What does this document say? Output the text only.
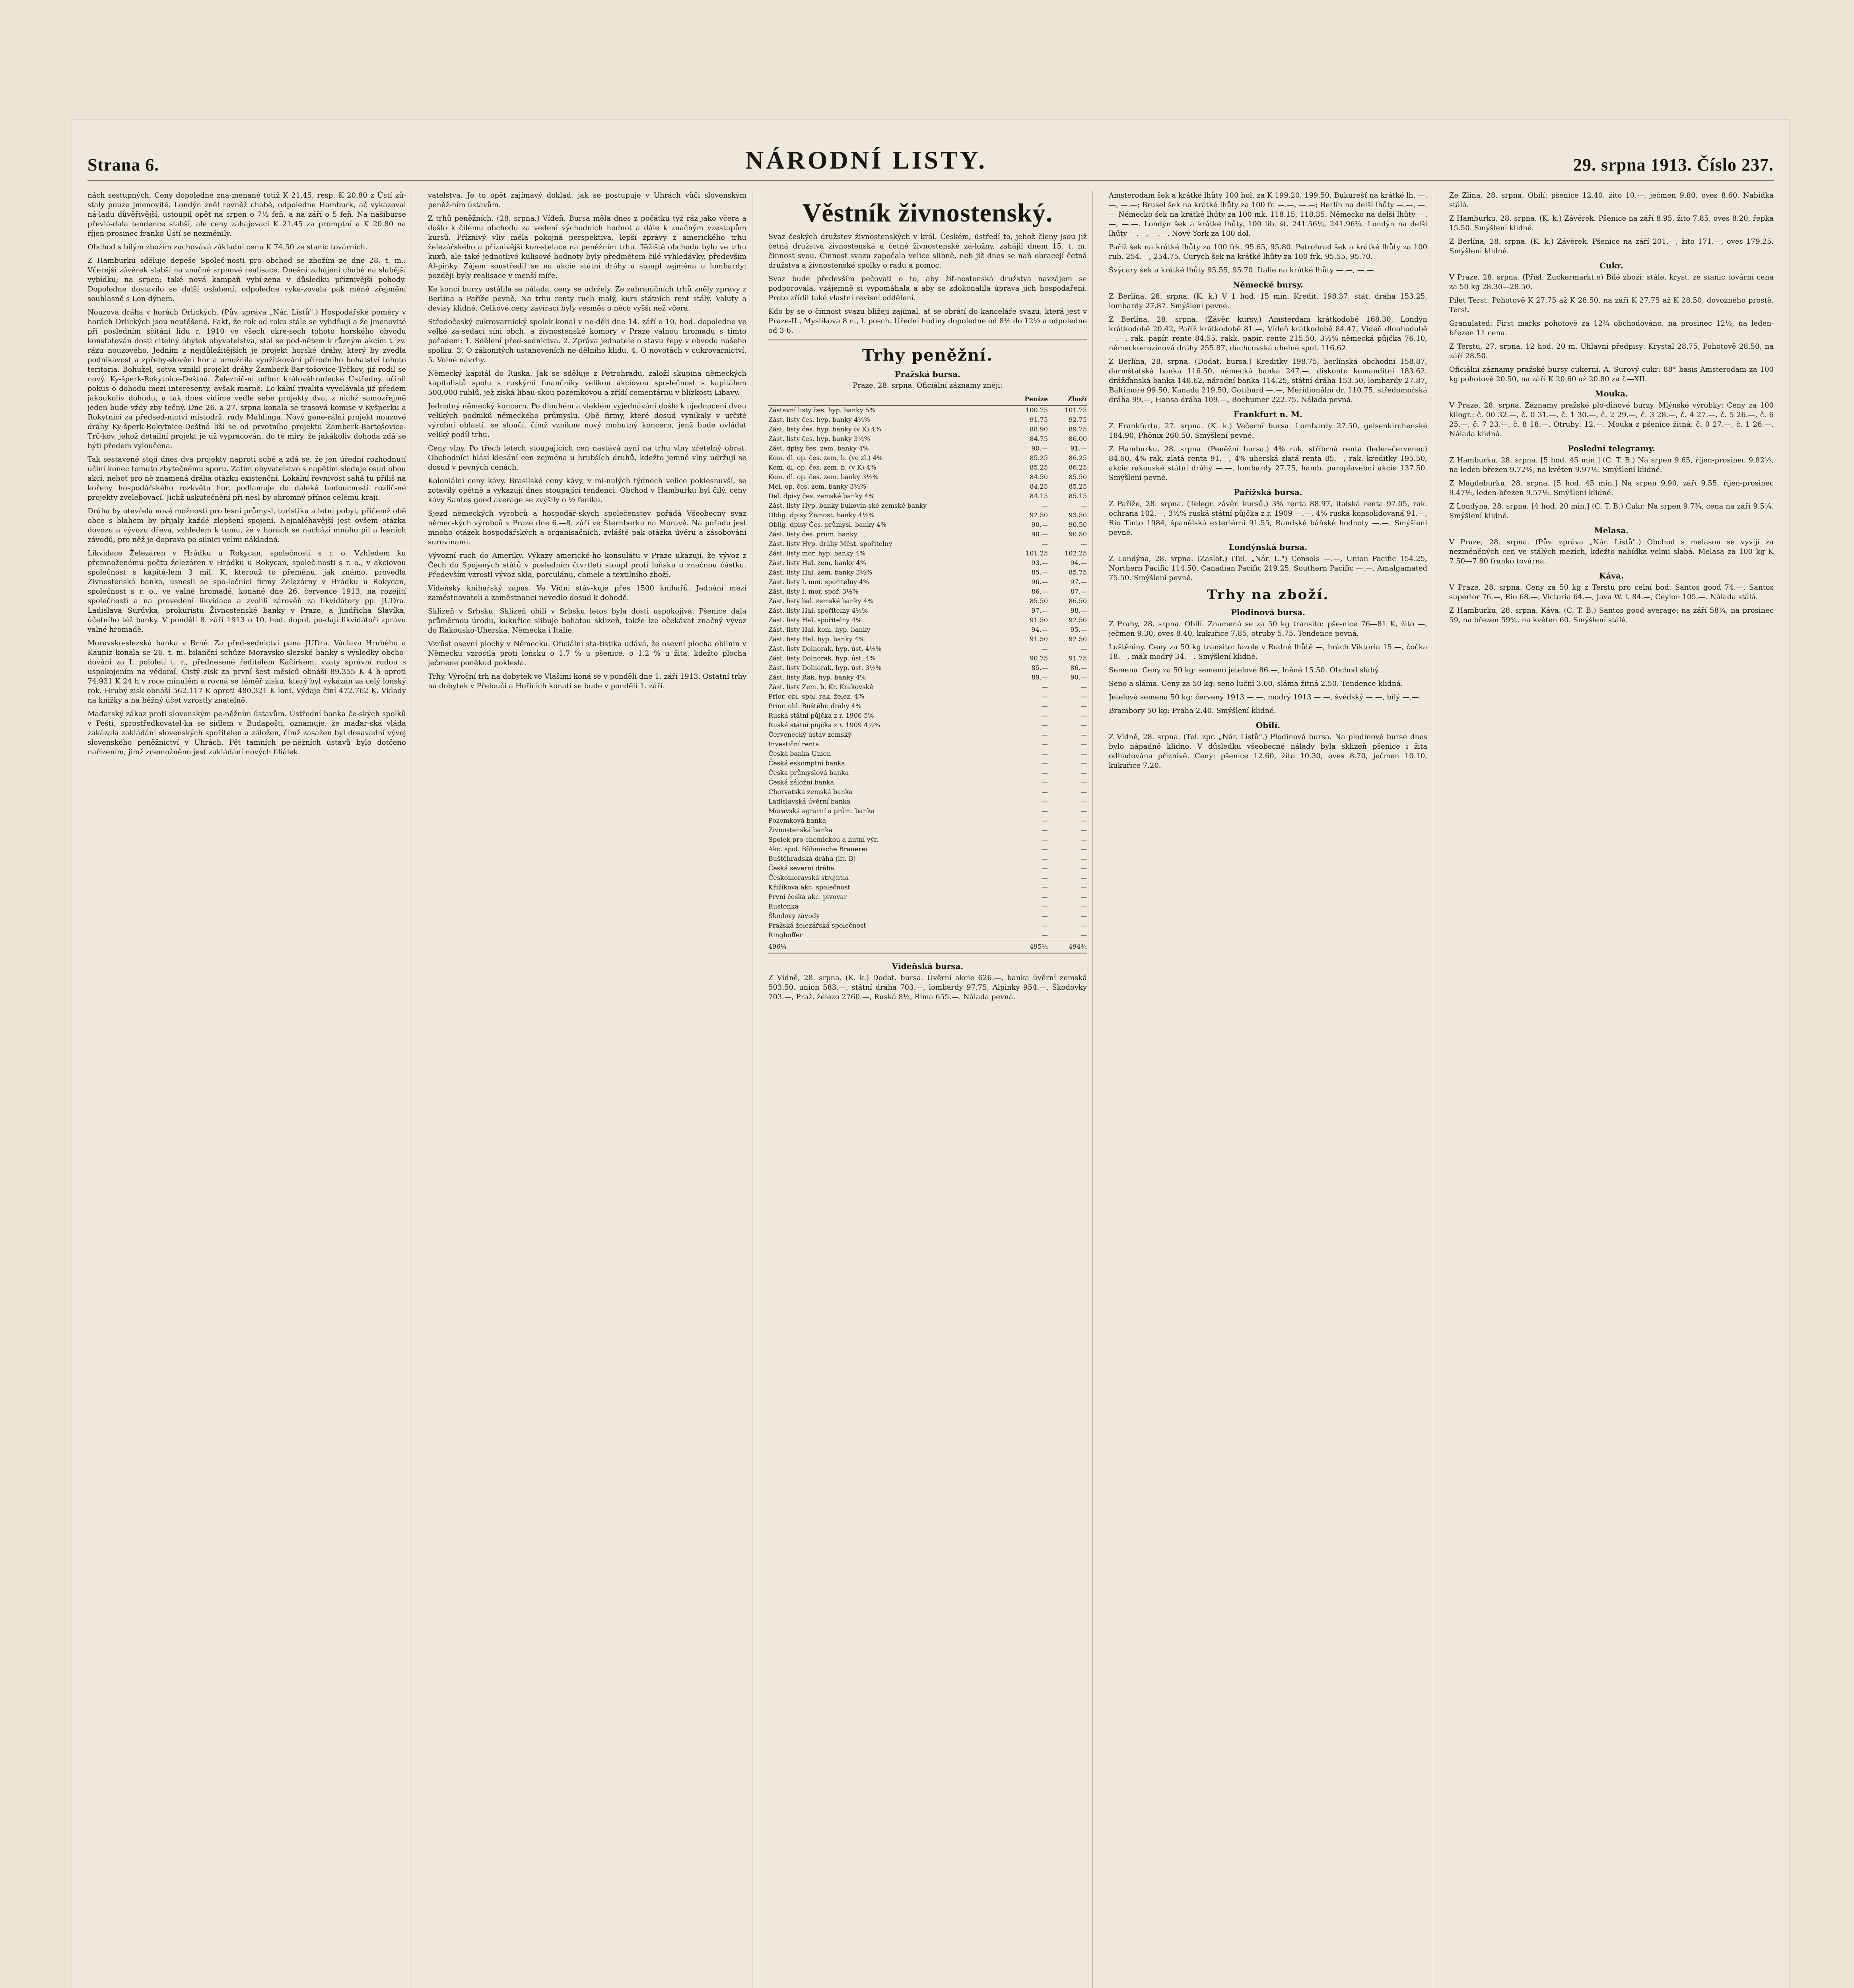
Strana 6.	NÁRODNÍ LISTY.	29. srpna 1913. Číslo 237.

nách sestupných. Ceny dopoledne zna-menané totiž K 21.45, resp. K 20.80 z Ústí zů-staly pouze jmenovité. Londýn zněl rovněž chabě, odpoledne Hamburk, ač vykazoval ná-ladu důvěřivější, ustoupil opět na srpen o 7½ feň. a na září o 5 feň. Na našíburse převlá-dala tendence slabší, ale ceny zahajovací K 21.45 za promptní a K 20.80 na říjen-prosinec franko Ústí se nezměnily.

Obchod s bílým zbožím zachovává základní cenu K 74.50 ze stanic továrních.

Z Hamburku sděluje depeše Společ-nosti pro obchod se zbožím ze dne 28. t. m.: Včerejší závěrek slabší na značné srpnové realisace. Dnešní zahájení chabé na slabější vybídku; na srpen; také nová kampaň vybí-zena v důsledku příznivější pohody. Dopoledne dostavilo se další oslabení, odpoledne vyka-zovala pak méně zřejmění souhlasně s Lon-dýnem.

Nouzová dráha v horách Orlických. (Pův. zpráva „Nár. Listů".) Hospodářské poměry v horách Orlických jsou neutěšené. Fakt, že rok od roku stále se vylidňují a že jmenovité při posledním sčítání lidu r. 1910 ve všech okre-sech tohoto horského obvodu konstatován dosti citelný úbytek obyvatelstva, stal se pod-nětem k různým akcím t. zv. rázu nouzového. Jedním z nejdůležitějších je projekt horské dráhy, který by zvedla podnikavost a zpřeby-slovění hor a umožnila využitkování přírodního bohatství tohoto teritoria. Bohužel, sotva vznikl projekt dráhy Žamberk-Bar-tošovice-Trčkov, již rodil se nový. Ky-šperk-Rokytnice-Deštná. Železnič-ní odbor královéhradecké Ústředny učinil pokus o dohodu mezi interesenty, avšak marně. Lo-kální rivalita vyvolávala již předem jakoukoliv dohodu, a tak dnes vidíme vedle sebe projekty dva, z nichž samozřejmě jeden bude vždy zby-tečný. Dne 26. a 27. srpna konala se trasová komise v Kyšperku a Rokytnici za předsed-nictví místodrž. rady Mahlinga. Nový gene-rální projekt nouzové dráhy Ky-šperk-Rokytnice-Deštná liší se od prvotního projektu Žamberk-Bartošovice-Trč-kov, jehož detailní projekt je už vypracován, do té míry, že jakákoliv dohoda zdá se býti předem vyloučena.

Tak sestavené stojí dnes dva projekty naproti sobě a zdá se, že jen úřední rozhodnutí učiní konec tomuto zbytečnému sporu. Zatím obyvatelstvo s napětím sleduje osud obou akcí, neboť pro ně znamená dráha otázku existenční. Lokální řevnivost sahá tu příliš na kořeny hospodářského rozkvětu hor, podlamuje do daleké budoucnosti rozlič-né projekty zvelebovací. Jichž uskutečnění při-nesl by ohromný přínos celému kraji.

Dráha by otevřela nové možnosti pro lesní průmysl, turistiku a letní pobyt, přičemž obě obce s blahem by přijaly každé zlepšení spojení. Nejnaléhavější jest ovšem otázka dovozu a vývozu dřeva, vzhledem k tomu, že v horách se nachází mnoho pil a lesních závodů, pro něž je doprava po silnici velmi nákladná.

Likvidace Železáren v Hrádku u Rokycan, společnosti s r. o. Vzhledem ku přemnoženému počtu železáren v Hrádku u Rokycan, společ-nosti s r. o., v akciovou společnost s kapitá-lem 3 mil. K, kterouž to přeměnu, jak známo, provedla Živnostenská banka, usnesli se spo-lečníci firmy Železárny v Hrádku u Rokycan, společnost s r. o., ve valné hromadě, konané dne 26. července 1913, na rozejití společnosti a na provedení likvidace a zvolili zárověň za likvidátory pp. JUDra. Ladislava Surůvka, prokuristu Živnostenské banky v Praze, a Jindřicha Slavíka, účetního též banky. V pondělí 8. září 1913 o 10. hod. dopol. po-dají likvidátoři zprávu valné hromadě.

Moravsko-slezská banka v Brně. Za před-sednictví pana JUDra. Václava Hrubého a Kauniz konala se 26. t. m. bilanční schůze Moravsko-slezské banky s výsledky obcho-dování za I. pololetí t. r., přednesené ředitelem Káčírkem, vzaty správní radou s uspokojením na vědomí. Čistý zisk za první šest měsíců obnáší 89.355 K 4 h oproti 74.931 K 24 h v roce minulém a rovná se téměř zisku, který byl vykázán za celý loňský rok. Hrubý zisk obnáší 562.117 K oproti 480.321 K loni. Výdaje činí 472.762 K. Vklady na knížky a na běžný účet vzrostly znatelně.

Maďarský zákaz proti slovenským pe-něžním ústavům. Ústřední banka če-ských spolků v Pešti, sprostředkovatel-ka se sídlem v Budapešti, oznamuje, že maďar-ská vláda zakázala zakládání slovenských spořitelen a záložen, čímž zasažen byl dosavadní vývoj slovenského peněžnictví v Uhrách. Pět tamních pe-něžních ústavů bylo dotčeno nařízením, jimž znemožněno jest zakládání nových filiálek.

vatelstva. Je to opět zajímavý doklad, jak se postupuje v Uhrách vůči slovenským peněž-ním ústavům.

Z trhů peněžních. (28. srpna.) Vídeň. Bursa měla dnes z počátku týž ráz jako včera a došlo k čilému obchodu za vedení východních hodnot a dále k značným vzestupům kursů. Příznivý vliv měla pokojná perspektiva, lepší zprávy z amerického trhu železářského a příznivější kon-stelace na peněžním trhu. Těžiště obchodu bylo ve trhu kuxů, ale také jednotlivé kulisové hodnoty byly předmětem čilé vyhledávky, především Al-pinky. Zájem soustředil se na akcie státní dráhy a stoupl zejména u lombardy; později byly realisace v menší míře.

Ke konci burzy ustálila se nálada, ceny se udržely. Ze zahraničních trhů zněly zprávy z Berlína a Paříže pevně. Na trhu renty ruch malý, kurs státních rent stálý. Valuty a devisy klidné. Celkové ceny zavírací byly vesměs o něco vyšší než včera.

Středočeský cukrovarnický spolek konal v ne-děli dne 14. září o 10. hod. dopoledne ve velké za-sedací síni obch. a živnostenské komory v Praze valnou hromadu s tímto pořadem: 1. Sdělení před-sednictva. 2. Zpráva jednatele o stavu řepy v obvodu našeho spolku. 3. O zákonitých ustanoveních ne-dělního klidu. 4. O novotách v cukrovarnictví. 5. Volné návrhy.

Německý kapitál do Ruska. Jak se sděluje z Petrohradu, založí skupina německých kapitalistů spolu s ruskými finančníky velikou akciovou spo-lečnost s kapitálem 500.000 rublů, jež získá libau-skou pozemkovou a zřídí cementárnu v blízkosti Libavy.

Jednotný německý koncern. Po dlouhém a vleklém vyjednávání došlo k ujednocení dvou velikých podniků německého průmyslu. Obě firmy, které dosud vynikaly v určité výrobní oblasti, se sloučí, čímž vznikne nový mohutný koncern, jenž bude ovládat veliký podíl trhu.

Ceny vlny. Po třech letech stoupajících cen nastává nyní na trhu vlny zřetelný obrat. Obchodníci hlásí klesání cen zejména u hrubších druhů, kdežto jemné vlny udržují se dosud v pevných cenách.

Koloniální ceny kávy. Brasilské ceny kávy, v mi-nulých týdnech velice poklesnuvší, se zotavily opětně a vykazují dnes stoupající tendenci. Obchod v Hamburku byl čilý, ceny kávy Santos good average se zvýšily o ½ feniku.

Sjezd německých výrobců a hospodář-ských společenstev pořádá Všeobecný svaz němec-kých výrobců v Praze dne 6.—8. září ve Šternberku na Moravě. Na pořadu jest mnoho otázek hospodářských a organisačních, zvláště pak otázka úvěru a zásobování surovinami.

Vývozní ruch do Ameriky. Výkazy americké-ho konsulátu v Praze ukazují, že vývoz z Čech do Spojených států v posledním čtvrtletí stoupl proti loňsku o značnou částku. Především vzrostl vývoz skla, porculánu, chmele a textilního zboží.

Vídeňský knihařský zápas. Ve Vídni stáv-kuje přes 1500 knihařů. Jednání mezi zaměstnavateli a zaměstnanci nevedlo dosud k dohodě.

Sklizeň v Srbsku. Sklizeň obilí v Srbsku letos byla dosti uspokojivá. Pšenice dala průměrnou úrodu, kukuřice slibuje bohatou sklizeň, takže lze očekávat značný vývoz do Rakousko-Uherska, Německa i Itálie.

Vzrůst osevní plochy v Německu. Oficiální sta-tistika udává, že osevní plocha obilnin v Německu vzrostla proti loňsku o 1.7 % u pšenice, o 1.2 % u žita, kdežto plocha ječmene poněkud poklesla.

Trhy. Výroční trh na dobytek ve Vlašimi koná se v pondělí dne 1. září 1913. Ostatní trhy na dobytek v Přelouči a Hořicích konati se bude v pondělí 1. září.

Věstník živnostenský.

Svaz českých družstev živnostenských v král. Českém, ústředí to, jehož členy jsou již četná družstva živnostenská a četné živnostenské zá-ložny, zahájil dnem 15. t. m. činnost svou. Činnost svazu započala velice slibně, neb již dnes se naň obracejí četná družstva a živnostenské spolky o radu a pomoc.

Svaz bude především pečovati o to, aby žiť-nostenská družstva navzájem se podporovala, vzájemně si vypomáhala a aby se zdokonalila úprava jich hospodaření. Proto zřídil také vlastní revisní oddělení.

Kdo by se o činnost svazu bližeji zajímal, ať se obrátí do kanceláře svazu, která jest v Praze-II., Myslíkova 8 n., I. posch. Úřední hodiny dopoledne od 8½ do 12½ a odpoledne od 3-6.

Trhy peněžní.
Pražská bursa.
Praze, 28. srpna. Oficiální záznamy zněji:
Peníze	Zboží
Zástavní listy čes. hyp. banky 5%	100.75	101.75
Zást. listy čes. hyp. banky 4½%	91.75	92.75
Zást. listy čes. hyp. banky (v K) 4%	88.90	89.75
Zást. listy čes. hyp. banky 3½%	84.75	86.00
Zást. dpisy čes. zem. banky 4%	90.—	91.—
Kom. dl. op. čes. zem. b. (ve zl.) 4%	85.25	86.25
Kom. dl. op. čes. zem. b. (v K) 4%	85.25	86.25
Kom. dl. op. čes. zem. banky 3½%	84.50	85.50
Mel. op. čes. zem. banky 3½%	84.25	85.25
Del. dpisy čes. zemské banky 4%	84.15	85.15
Zást. listy Hyp. banky bukovin-ské zemské banky	—	—
Oblig. dpisy Živnost. banky 4½%	92.50	93.50
Oblig. dpisy Čes. průmysl. banky 4%	90.—	90.50
Zást. listy čes. prům. banky	90.—	90.50
Zást. listy Hyp. dráhy Měst. spořitelny	—	—
Zást. listy mor. hyp. banky 4%	101.25	102.25
Zást. listy Hal. zem. banky 4%	93.—	94.—
Zást. listy Hal. zem. banky 3½%	85.—	85.75
Zást. listy I. mor. spořitelny 4%	96.—	97.—
Zást. listy I. mor. spoř. 3½%	86.—	87.—
Zást. listy bal. zemské banky 4%	85.50	86.50
Zást. listy Hal. spořitelny 4½%	97.—	98.—
Zást. listy Hal. spořitelny 4%	91.50	92.50
Zást. listy Hal. kom. hyp. banky	94.—	95.—
Zást. listy Hal. hyp. banky 4%	91.50	92.50
Zást. listy Dolnorak. hyp. úst. 4½%	—	—
Zást. listy Dolnorak. hyp. úst. 4%	90.75	91.75
Zást. listy Dolnorak. hyp. úst. 3½%	85.—	86.—
Zást. listy Rak. hyp. banky 4%	89.—	90.—
Zást. listy Zem. b. Kr. Krakovské	—	—
Prior. obl. spol. rak. želez. 4%	—	—
Prior. obl. Buštěhr. dráhy 4%	—	—
Ruská státní půjčka z r. 1906 5%	—	—
Ruská státní půjčka z r. 1909 4½%	—	—
Červenecký ústav zemský	—	—
Investiční renta	—	—
Česká banka Union	—	—
Česká eskomptní banka	—	—
Česká průmyslová banka	—	—
Česká záložní banka	—	—
Chorvatská zemská banka	—	—
Ladislavská úvěrní banka	—	—
Moravská agrární a prům. banka	—	—
Pozemková banka	—	—
Živnostenská banka	—	—
Spolek pro chemickou a hutní výr.	—	—
Akc. spol. Böhmische Brauerei	—	—
Buštěhradská dráha (lit. B)	—	—
Česká severní dráha	—	—
Českomoravská strojírna	—	—
Křižíkova akc. společnost	—	—
První česká akc. pivovar	—	—
Rustonka	—	—
Škodovy závody	—	—
Pražská železářská společnost	—	—
Ringhoffer	—	—
496¼	495½	494¾
Vídeňská bursa.

Z Vídně, 28. srpna. (K. k.) Dodat. bursa. Úvěrní akcie 626.—, banka úvěrní zemská 503.50, union 583.—, státní dráha 703.—, lombardy 97.75, Alpinky 954.—, Škodovky 703.—, Praž. železo 2760.—, Ruská 8¼, Rima 655.—. Nálada pevná.

Amsterodam šek a krátké lhůty 100 hol. za K 199.20, 199.50. Bukurešť na krátké lh. —.—, —.—; Brusel šek na krátké lhůty za 100 fr. —.—, —.—; Berlín na delší lhůty —.—, —.— Německo šek na krátké lhůty za 100 mk. 118.15, 118.35. Německo na delší lhůty —.—, —.—. Londýn šek a krátké lhůty, 100 lib. št. 241.56¼, 241.96¼. Londýn na delší lhůty —.—, —.—. Nový York za 100 dol.

Paříž šek na krátké lhůty za 100 frk. 95.65, 95.80. Petrohrad šek a krátké lhůty za 100 rub. 254.—, 254.75. Curych šek na krátké lhůty za 100 frk. 95.55, 95.70.

Švýcary šek a krátké lhůty 95.55, 95.70. Italie na krátké lhůty —.—, —.—.

Německé bursy.

Z Berlína, 28. srpna. (K. k.) V 1 hod. 15 min. Kredit. 198.37, stát. dráha 153.25, lombardy 27.87. Smýšlení pevné.

Z Berlína, 28. srpna. (Závěr. kursy.) Amsterdam krátkodobě 168.30, Londýn krátkodobě 20.42, Paříž krátkodobě 81.—, Vídeň krátkodobě 84.47, Vídeň dlouhodobě —.—, rak. papír. rente 84.55, rakk. papír. rente 215.50, 3½% německá půjčka 76.10, německo-rozinová dráhy 255.87, duchcovská uhelné spol. 116.62.

Z Berlína, 28. srpna. (Dodat. bursa.) Kreditky 198.75, berlínská obchodní 158.87, darmštatská banka 116.50, německá banka 247.—, diskonto komanditní 183.62, drážďanská banka 148.62, národní banka 114.25, státní dráha 153.50, lombardy 27.87, Baltimore 99.50, Kanada 219.50, Gotthard —.—, Meridionální dr. 110.75, středomořská dráha 99.—, Hansa dráha 109.—, Bochumer 222.75. Nálada pevná.

Frankfurt n. M.

Z Frankfurtu, 27. srpna. (K. k.) Večerní bursa. Lombardy 27.50, gelsenkirchenské 184.90, Phönix 260.50. Smýšlení pevné.

Z Hamburku, 28. srpna. (Peněžní bursa.) 4% rak. stříbrná renta (leden-červenec) 84.60, 4% rak. zlatá renta 91.—, 4% uherská zlatá renta 85.—, rak. kreditky 195.50, akcie rakouské státní dráhy —.—, lombardy 27.75, hamb. paroplavební akcie 137.50. Smýšlení pevné.

Pařížská bursa.

Z Paříže, 28. srpna. (Telegr. závěr. kursů.) 3% renta 88.97, italská renta 97.05, rak. ochrana 102.—, 3½% ruská státní půjčka z r. 1909 —.—, 4% ruská konsolidovaná 91.—, Rio Tinto 1984, španělská exteriérni 91.55, Randské báňské hodnoty —.—. Smýšlení pevné.

Londýnská bursa.

Z Londýna, 28. srpna. (Zaslat.) (Tel. „Nár. L.") Consols —.—, Union Pacific 154.25, Northern Pacific 114.50, Canadian Pacific 219.25, Southern Pacific —.—, Amalgamated 75.50. Smýšlení pevné.

Trhy na zboží.
Plodinová bursa.

Z Prahy, 28. srpna. Obilí. Znamená se za 50 kg transito: pše-nice 76—81 K, žito —, ječmen 9.30, oves 8.40, kukuřice 7.85, otruby 5.75. Tendence pevná.

Luštěniny. Ceny za 50 kg transito: fazole v Rudné lhůtě —, hrách Viktoria 15.—, čočka 18.—, mák modrý 34.—. Smýšlení klidné.

Semena. Ceny za 50 kg: semeno jetelové 86.—, lněné 15.50. Obchod slabý.

Seno a sláma. Ceny za 50 kg: seno luční 3.60, sláma žitná 2.50. Tendence klidná.

Jetelová semena 50 kg: červený 1913 —.—, modrý 1913 —.—, švédský —.—, bílý —.—.

Brambory 50 kg: Praha 2.40. Smýšlení klidné.

Obilí.

Z Vídně, 28. srpna. (Tel. zpr. „Nár. Listů".) Plodinová bursa. Na plodinové burse dnes bylo nápadně klidno. V důsledku všeobecné nálady byla sklizeň pšenice i žita odhadována příznivě. Ceny: pšenice 12.60, žito 10.30, oves 8.70, ječmen 10.10, kukuřice 7.20.

Ze Zlína, 28. srpna. Obilí: pšenice 12.40, žito 10.—, ječmen 9.80, oves 8.60. Nabídka stálá.

Z Hamburku, 28. srpna. (K. k.) Závěrek. Pšenice na září 8.95, žito 7.85, oves 8.20, řepka 15.50. Smýšlení klidné.

Z Berlína, 28. srpna. (K. k.) Závěrek. Pšenice na září 201.—, žito 171.—, oves 179.25. Smýšlení klidné.

Cukr.

V Praze, 28. srpna. (Přísl. Zuckermarkt.e) Bílé zboží: stále, kryst. ze stanic tovární cena za 50 kg 28.30—28.50.

Pilet Terst: Pohotově K 27.75 až K 28.50, na září K 27.75 až K 28.50, dovozného prostě, Terst.

Granulated: First marks pohotově za 12¾ obchodováno, na prosinec 12½, na leden-březen 11 cena.

Z Terstu, 27. srpna. 12 hod. 20 m. Uhlavní předpisy: Krystal 28.75, Pohotově 28.50, na září 28.50.

Oficiální záznamy pražské bursy cukerní. A. Surový cukr: 88° basis Amsterodam za 100 kg pohotově 20.50, na září K 20.60 až 20.80 za ř.—XII.

Mouka.

V Praze, 28. srpna. Záznamy pražské plo-dinové burzy. Mlýnské výrobky: Ceny za 100 kilogr.: č. 00 32.—, č. 0 31.—, č. 1 30.—, č. 2 29.—, č. 3 28.—, č. 4 27.—, č. 5 26.—, č. 6 25.—, č. 7 23.—, č. 8 18.—. Otruby: 12.—. Mouka z pšenice žitná: č. 0 27.—, č. 1 26.—. Nálada klidná.

Poslední telegramy.

Z Hamburku, 28. srpna. [5 hod. 45 min.] (C. T. B.) Na srpen 9.65, říjen-prosinec 9.82½, na leden-březen 9.72½, na květen 9.97½. Smýšlení klidné.

Z Magdeburku, 28. srpna. [5 hod. 45 min.] Na srpen 9.90, září 9.55, říjen-prosinec 9.47½, leden-březen 9.57½. Smýšlení klidné.

Z Londýna, 28. srpna. [4 hod. 20 min.] (C. T. B.) Cukr. Na srpen 9.7¾, cena na září 9.5¼. Smýšlení klidné.

Melasa.

V Praze, 28. srpna. (Pův. zpráva „Nár. Listů".) Obchod s melasou se vyvíjí za nezměněných cen ve stálých mezích, kdežto nabídka velmi slabá. Melasa za 100 kg K 7.50—7.80 franko továrna.

Káva.

V Praze, 28. srpna. Ceny za 50 kg z Terstu pro celní bod: Santos good 74.—, Santos superior 76.—, Rio 68.—, Victoria 64.—, Java W. I. 84.—, Ceylon 105.—. Nálada stálá.

Z Hamburku, 28. srpna. Káva. (C. T. B.) Santos good average: na září 58¼, na prosinec 59, na březen 59¾, na květen 60. Smýšlení stálé.
